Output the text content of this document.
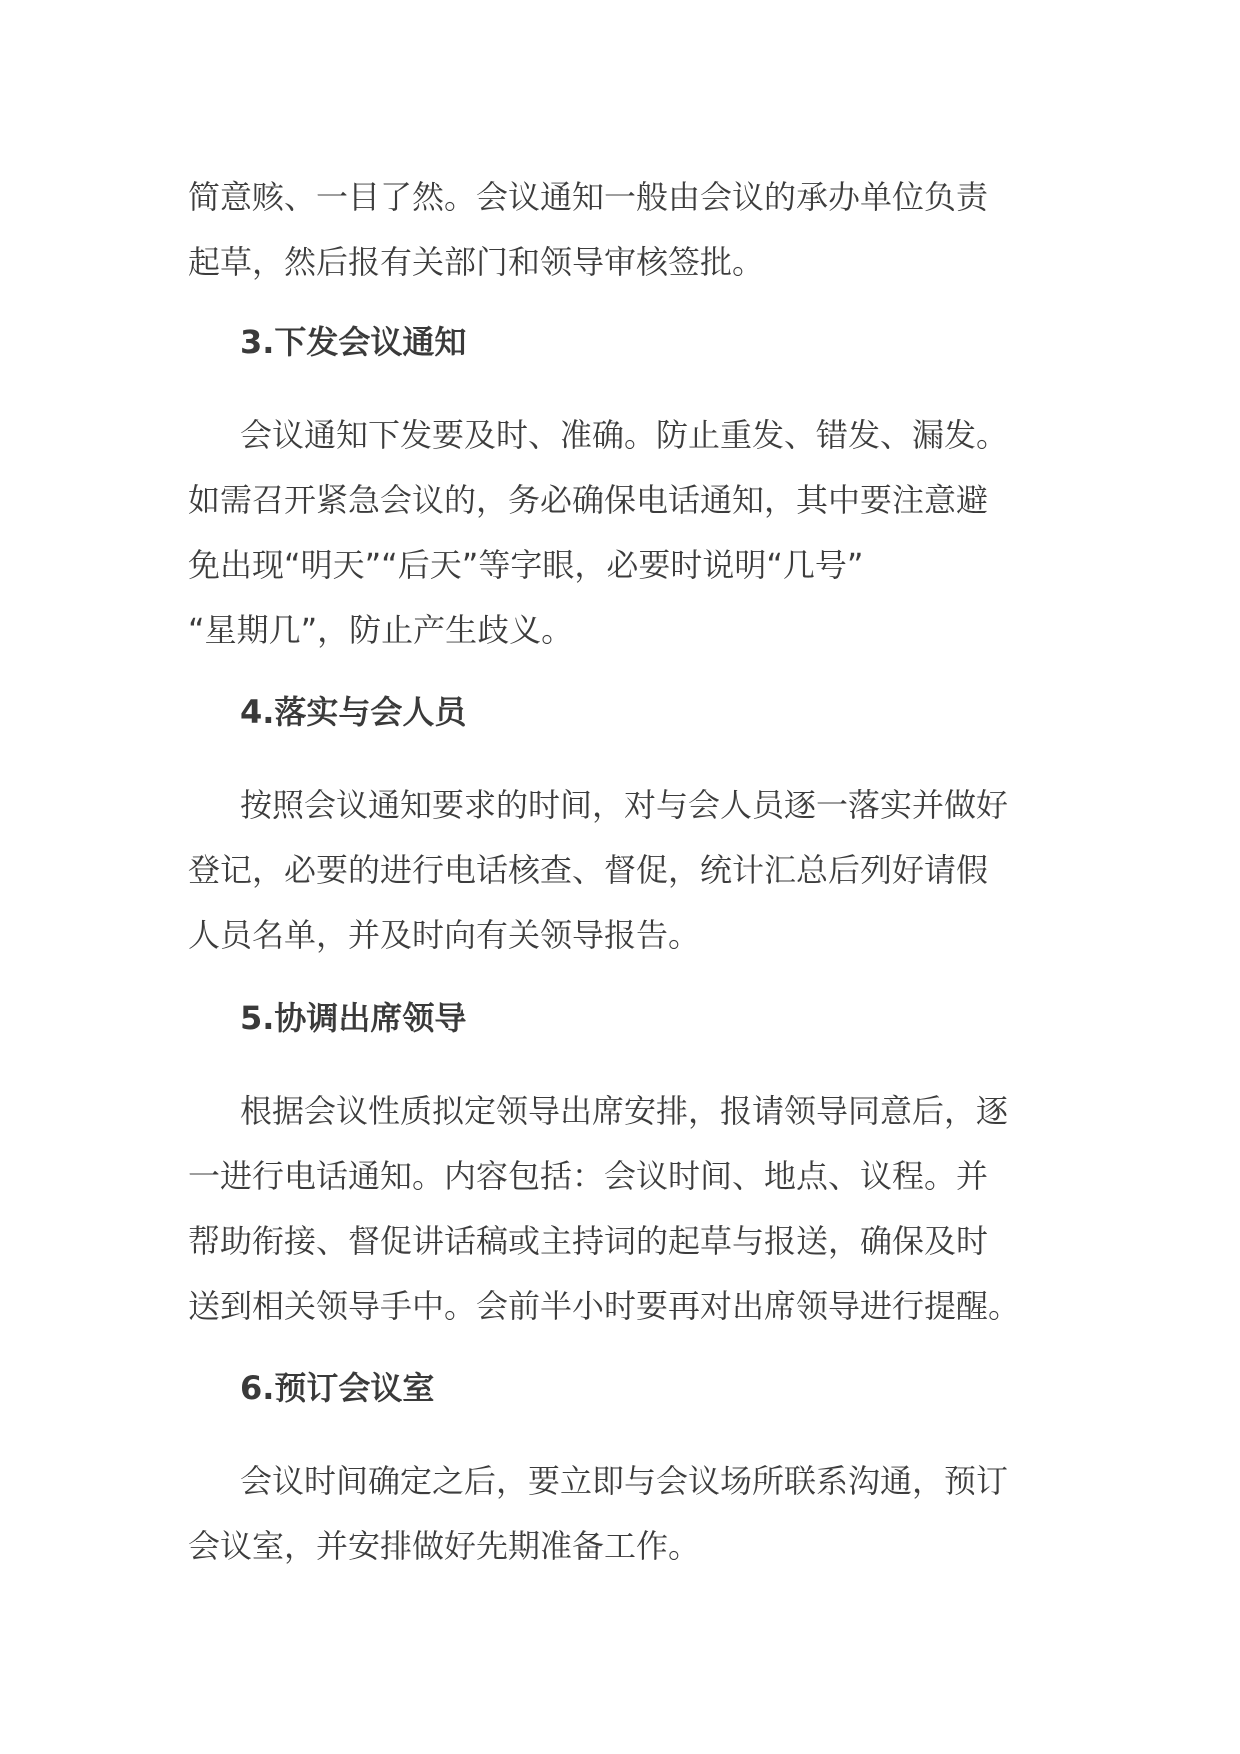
简意赅、一目了然。会议通知一般由会议的承办单位负责
起草，然后报有关部门和领导审核签批。

3.下发会议通知

会议通知下发要及时、准确。防止重发、错发、漏发。
如需召开紧急会议的，务必确保电话通知，其中要注意避
免出现“明天”“后天”等字眼，必要时说明“几号”
“星期几”，防止产生歧义。

4.落实与会人员

按照会议通知要求的时间，对与会人员逐一落实并做好
登记，必要的进行电话核查、督促，统计汇总后列好请假
人员名单，并及时向有关领导报告。

5.协调出席领导

根据会议性质拟定领导出席安排，报请领导同意后，逐
一进行电话通知。内容包括：会议时间、地点、议程。并
帮助衔接、督促讲话稿或主持词的起草与报送，确保及时
送到相关领导手中。会前半小时要再对出席领导进行提醒。

6.预订会议室

会议时间确定之后，要立即与会议场所联系沟通，预订
会议室，并安排做好先期准备工作。
